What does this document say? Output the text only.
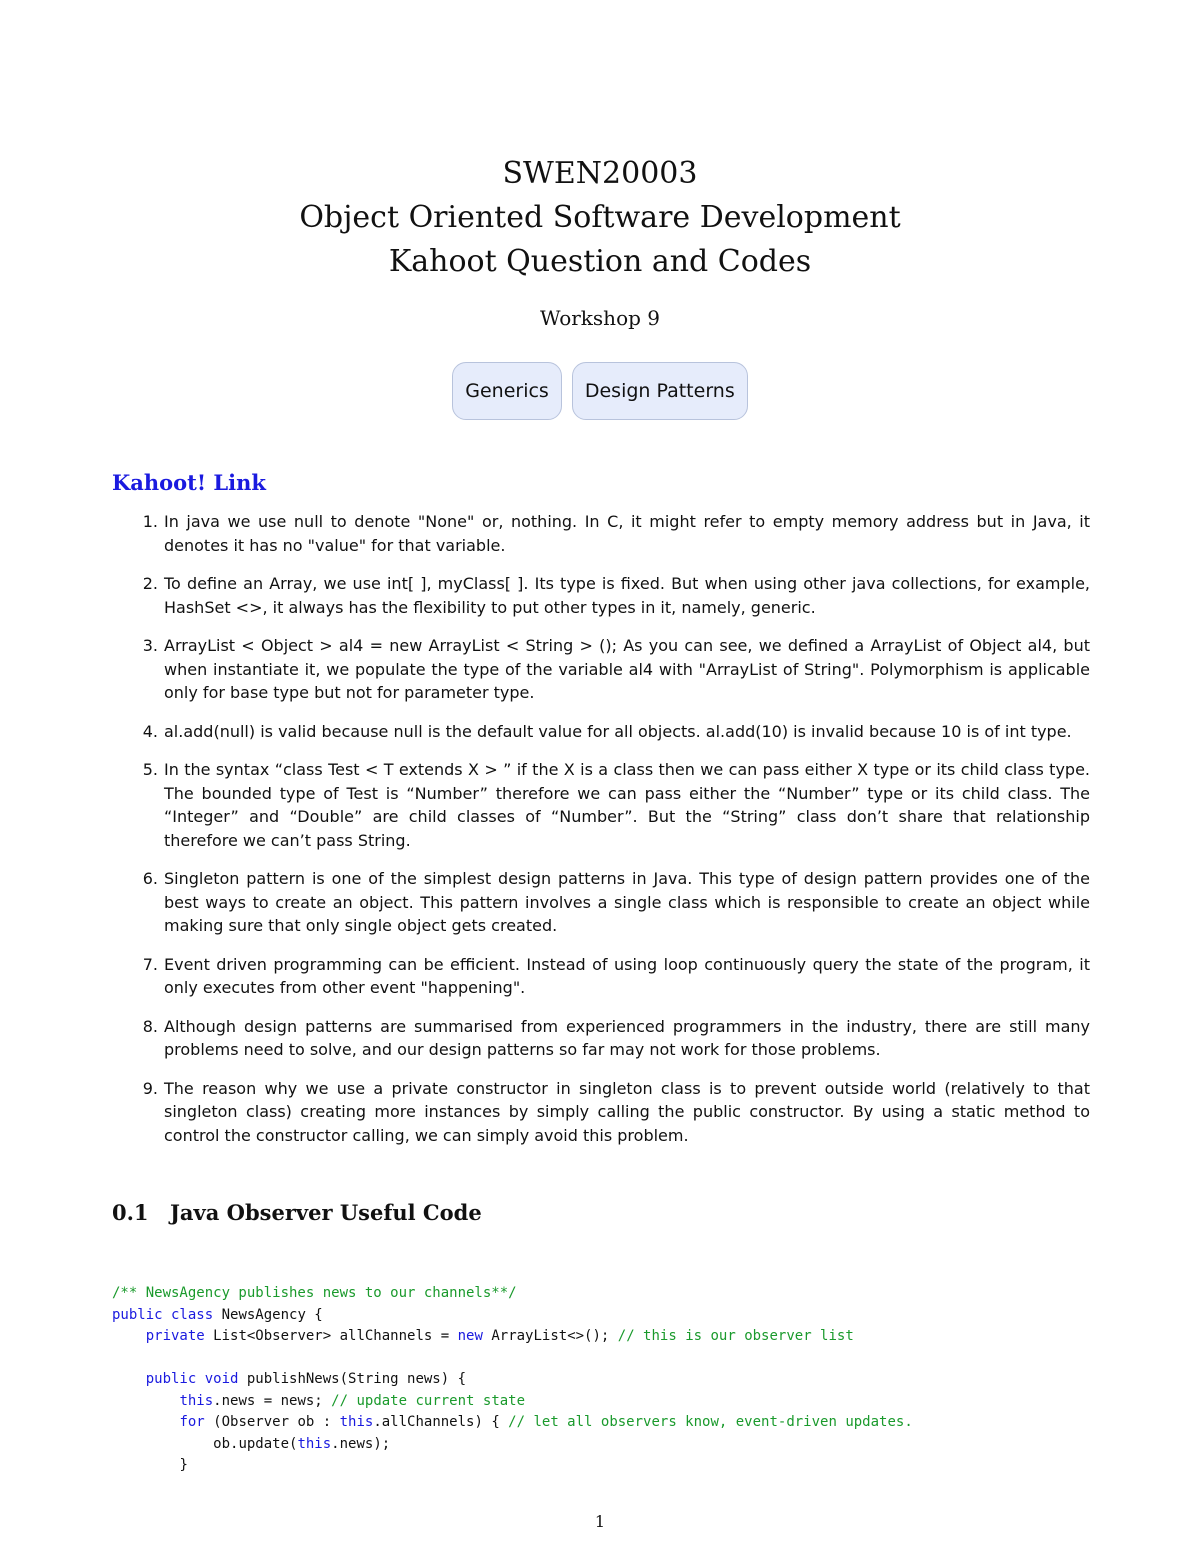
SWEN20003
Object Oriented Software Development
Kahoot Question and Codes
Workshop 9
Generics	Design Patterns
Kahoot! Link
1. In java we use null to denote "None" or, nothing. In C, it might refer to empty memory address but in Java, it denotes it has no "value" for that variable.
2. To define an Array, we use int[ ], myClass[ ]. Its type is fixed. But when using other java collections, for example, HashSet <>, it always has the flexibility to put other types in it, namely, generic.
3. ArrayList < Object > al4 = new ArrayList < String > (); As you can see, we defined a ArrayList of Object al4, but when instantiate it, we populate the type of the variable al4 with "ArrayList of String". Polymorphism is applicable only for base type but not for parameter type.
4. al.add(null) is valid because null is the default value for all objects. al.add(10) is invalid because 10 is of int type.
5. In the syntax “class Test < T extends X > ” if the X is a class then we can pass either X type or its child class type. The bounded type of Test is “Number” therefore we can pass either the “Number” type or its child class. The “Integer” and “Double” are child classes of “Number”. But the “String” class don’t share that relationship therefore we can’t pass String.
6. Singleton pattern is one of the simplest design patterns in Java. This type of design pattern provides one of the best ways to create an object. This pattern involves a single class which is responsible to create an object while making sure that only single object gets created.
7. Event driven programming can be efficient. Instead of using loop continuously query the state of the program, it only executes from other event "happening".
8. Although design patterns are summarised from experienced programmers in the industry, there are still many problems need to solve, and our design patterns so far may not work for those problems.
9. The reason why we use a private constructor in singleton class is to prevent outside world (relatively to that singleton class) creating more instances by simply calling the public constructor. By using a static method to control the constructor calling, we can simply avoid this problem.
0.1 Java Observer Useful Code
/** NewsAgency publishes news to our channels**/
public class NewsAgency {
private List<Observer> allChannels = new ArrayList<>(); // this is our observer list

public void publishNews(String news) {
this.news = news; // update current state
for (Observer ob : this.allChannels) { // let all observers know, event-driven updates.
ob.update(this.news);
}
1
